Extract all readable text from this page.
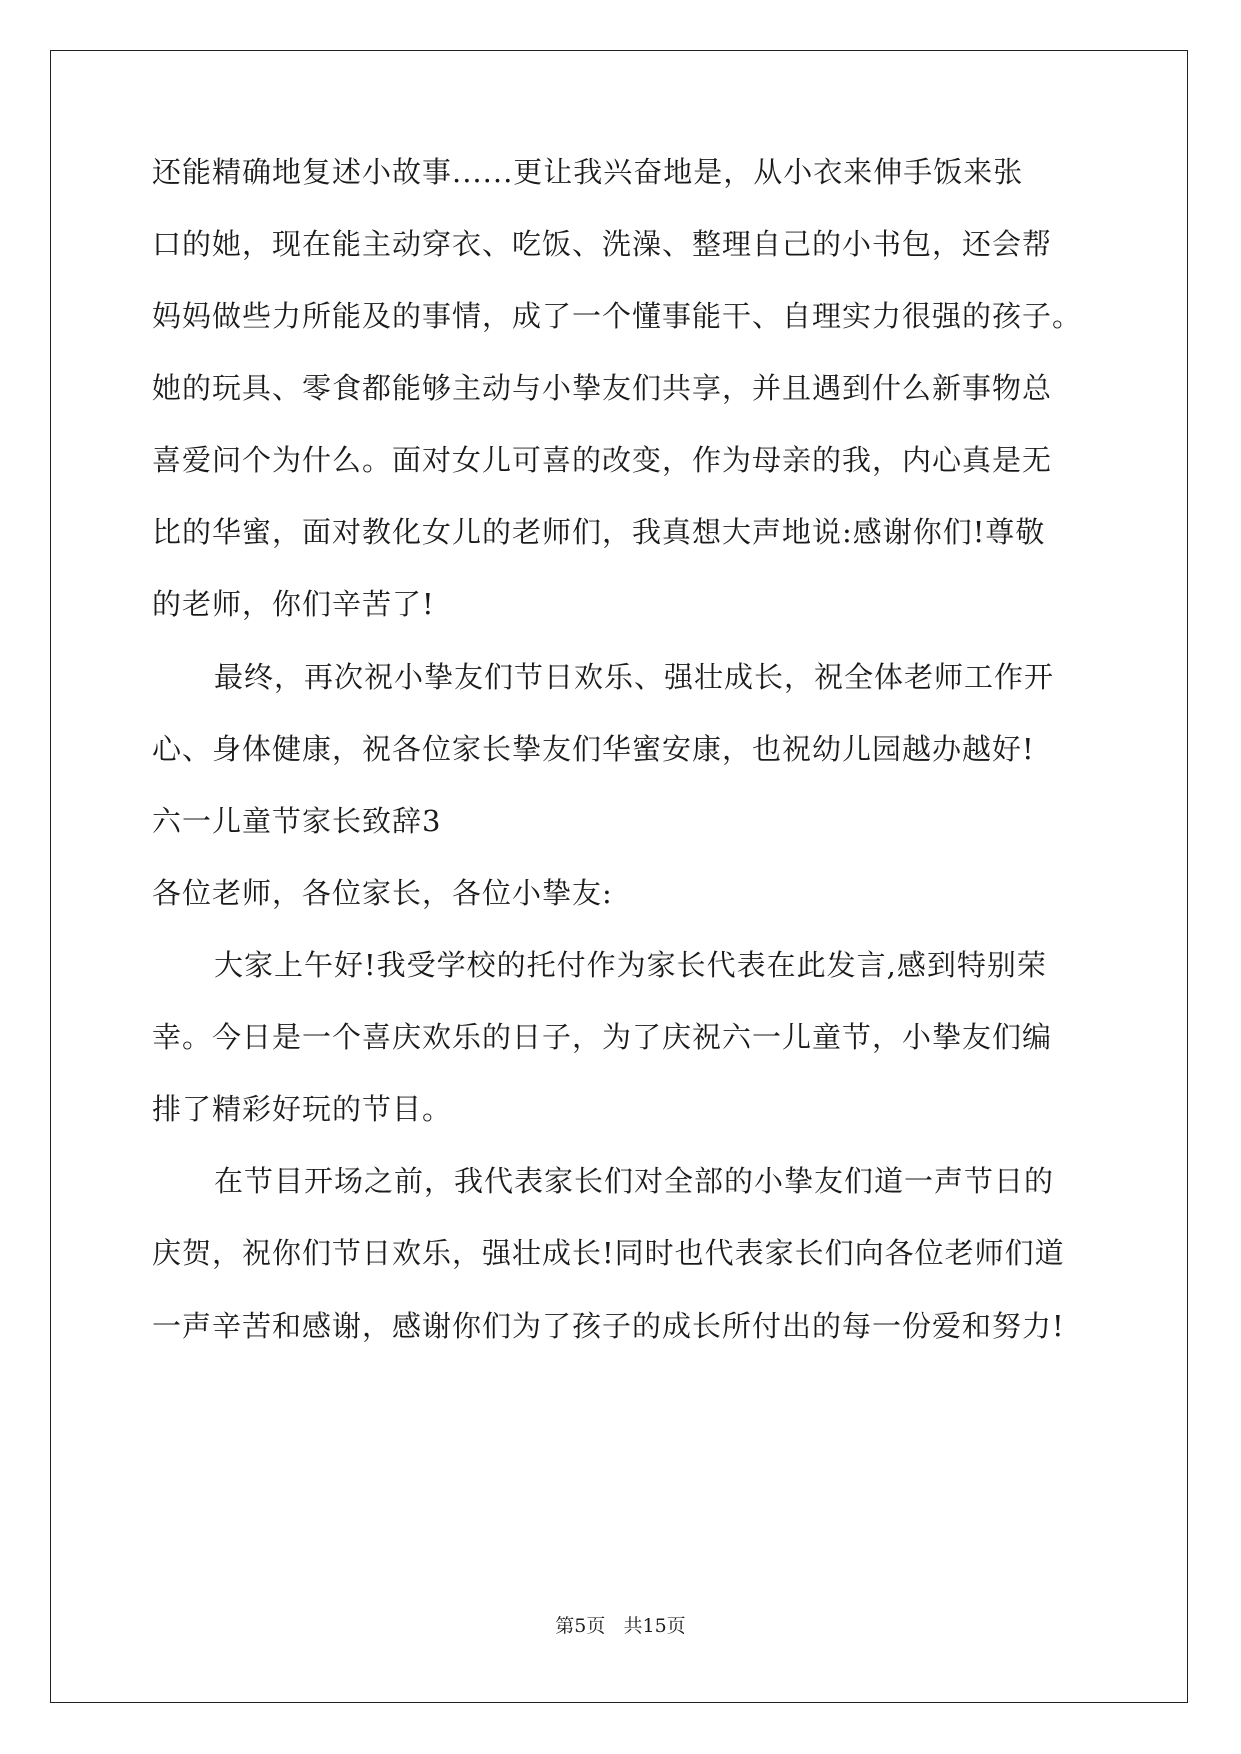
还能精确地复述小故事......更让我兴奋地是，从小衣来伸手饭来张
口的她，现在能主动穿衣、吃饭、洗澡、整理自己的小书包，还会帮
妈妈做些力所能及的事情，成了一个懂事能干、自理实力很强的孩子。
她的玩具、零食都能够主动与小挚友们共享，并且遇到什么新事物总
喜爱问个为什么。面对女儿可喜的改变，作为母亲的我，内心真是无
比的华蜜，面对教化女儿的老师们，我真想大声地说:感谢你们!尊敬
的老师，你们辛苦了!
最终，再次祝小挚友们节日欢乐、强壮成长，祝全体老师工作开
心、身体健康，祝各位家长挚友们华蜜安康，也祝幼儿园越办越好!
六一儿童节家长致辞3
各位老师，各位家长，各位小挚友:
大家上午好!我受学校的托付作为家长代表在此发言,感到特别荣
幸。今日是一个喜庆欢乐的日子，为了庆祝六一儿童节，小挚友们编
排了精彩好玩的节目。
在节目开场之前，我代表家长们对全部的小挚友们道一声节日的
庆贺，祝你们节日欢乐，强壮成长!同时也代表家长们向各位老师们道
一声辛苦和感谢，感谢你们为了孩子的成长所付出的每一份爱和努力!
第5页   共15页
